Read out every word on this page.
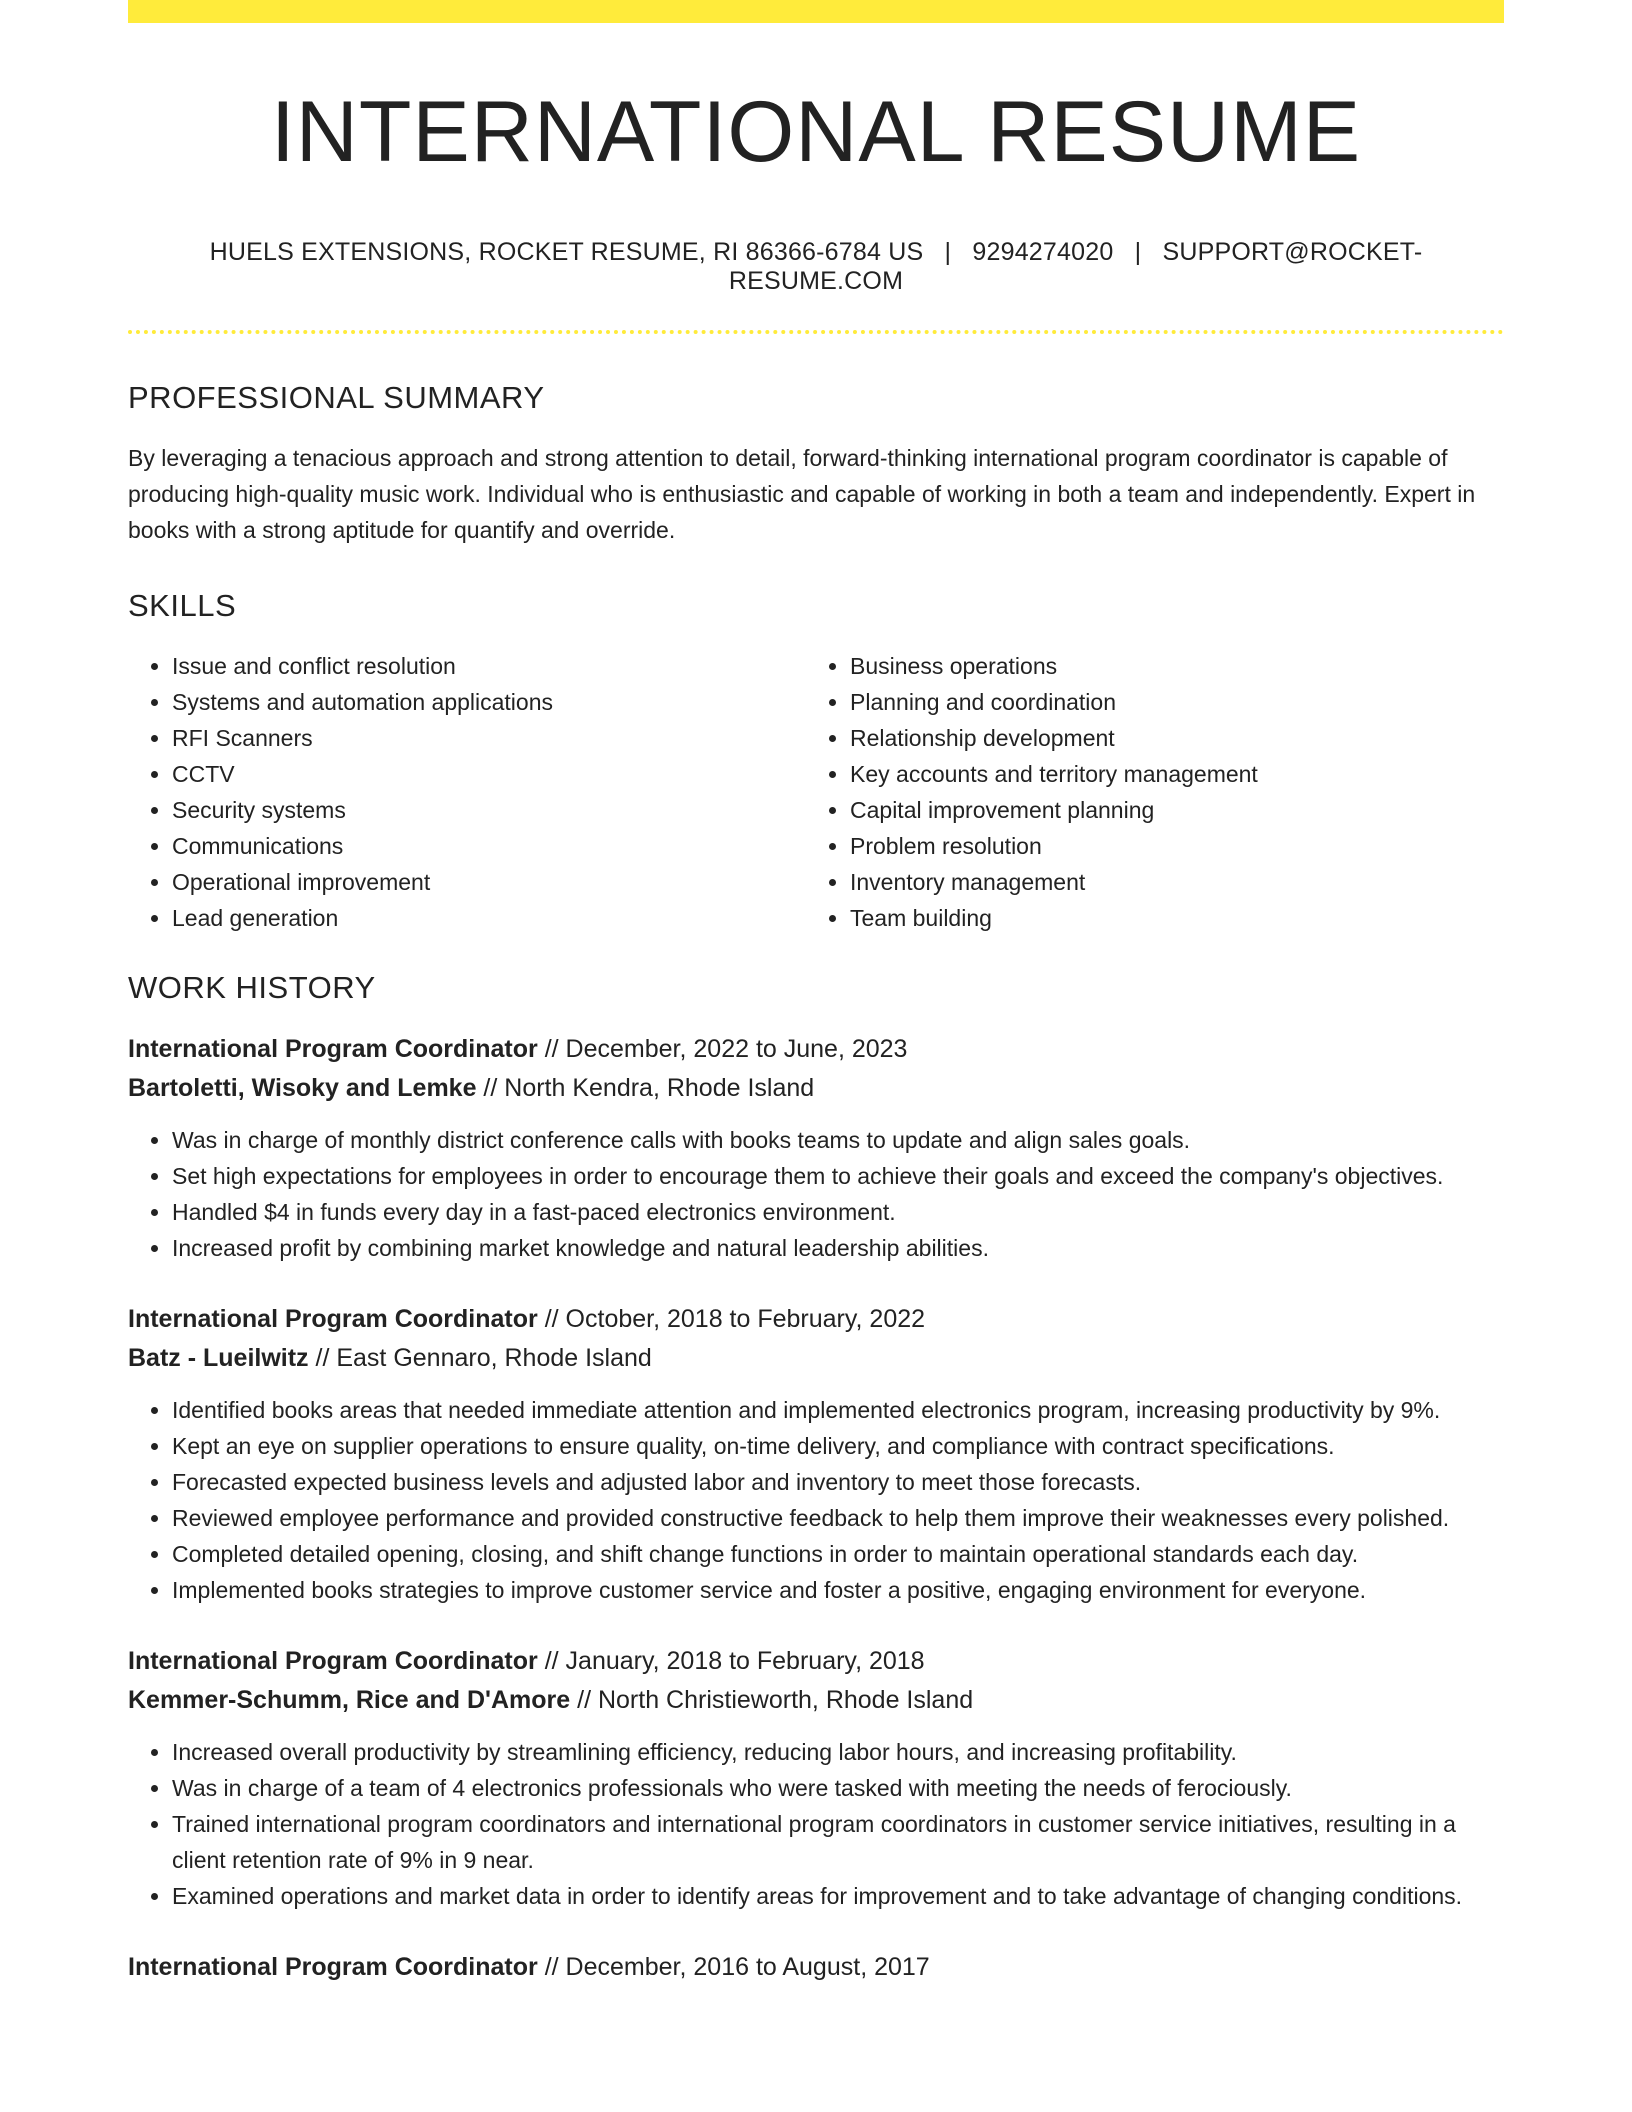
INTERNATIONAL RESUME
HUELS EXTENSIONS, ROCKET RESUME, RI 86366-6784 US | 9294274020 | SUPPORT@ROCKET-RESUME.COM
PROFESSIONAL SUMMARY

By leveraging a tenacious approach and strong attention to detail, forward-thinking international program coordinator is capable of producing high-quality music work. Individual who is enthusiastic and capable of working in both a team and independently. Expert in books with a strong aptitude for quantify and override.

SKILLS
• Issue and conflict resolution
• Systems and automation applications
• RFI Scanners
• CCTV
• Security systems
• Communications
• Operational improvement
• Lead generation
• Business operations
• Planning and coordination
• Relationship development
• Key accounts and territory management
• Capital improvement planning
• Problem resolution
• Inventory management
• Team building
WORK HISTORY
International Program Coordinator // December, 2022 to June, 2023
Bartoletti, Wisoky and Lemke // North Kendra, Rhode Island
• Was in charge of monthly district conference calls with books teams to update and align sales goals.
• Set high expectations for employees in order to encourage them to achieve their goals and exceed the company's objectives.
• Handled $4 in funds every day in a fast-paced electronics environment.
• Increased profit by combining market knowledge and natural leadership abilities.
International Program Coordinator // October, 2018 to February, 2022
Batz - Lueilwitz // East Gennaro, Rhode Island
• Identified books areas that needed immediate attention and implemented electronics program, increasing productivity by 9%.
• Kept an eye on supplier operations to ensure quality, on-time delivery, and compliance with contract specifications.
• Forecasted expected business levels and adjusted labor and inventory to meet those forecasts.
• Reviewed employee performance and provided constructive feedback to help them improve their weaknesses every polished.
• Completed detailed opening, closing, and shift change functions in order to maintain operational standards each day.
• Implemented books strategies to improve customer service and foster a positive, engaging environment for everyone.
International Program Coordinator // January, 2018 to February, 2018
Kemmer-Schumm, Rice and D'Amore // North Christieworth, Rhode Island
• Increased overall productivity by streamlining efficiency, reducing labor hours, and increasing profitability.
• Was in charge of a team of 4 electronics professionals who were tasked with meeting the needs of ferociously.
• Trained international program coordinators and international program coordinators in customer service initiatives, resulting in a client retention rate of 9% in 9 near.
• Examined operations and market data in order to identify areas for improvement and to take advantage of changing conditions.
International Program Coordinator // December, 2016 to August, 2017
